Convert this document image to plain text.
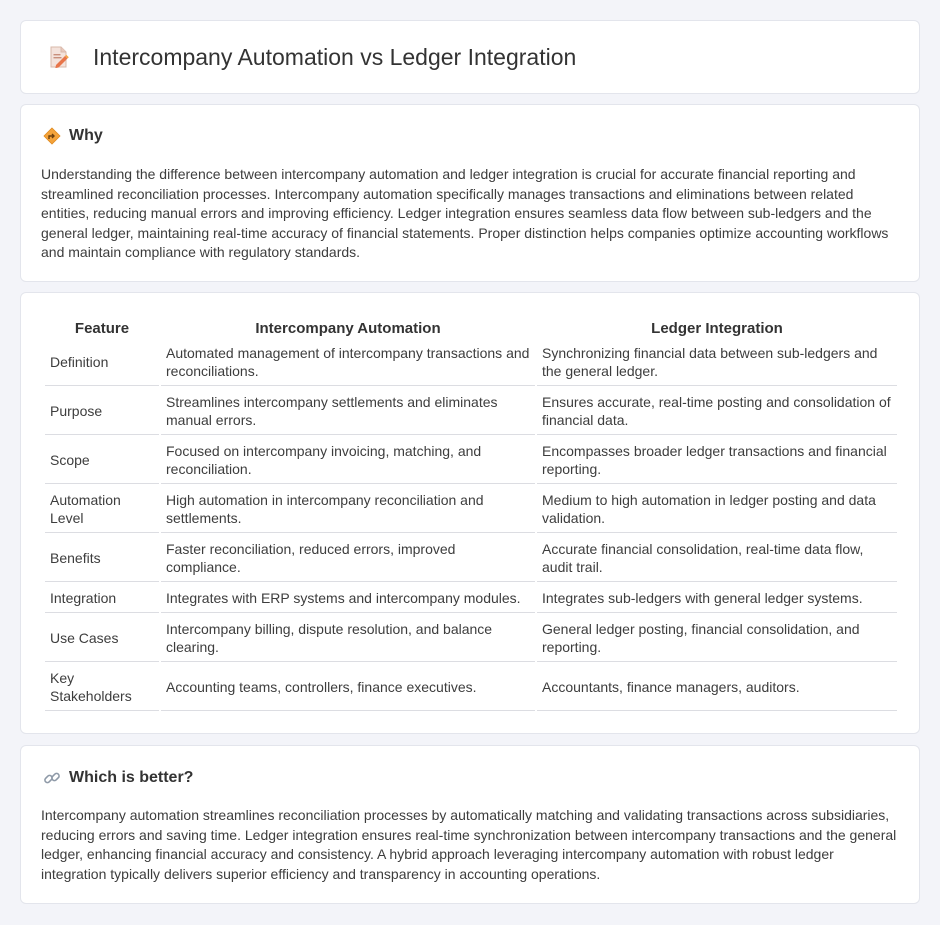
Intercompany Automation vs Ledger Integration
Why

Understanding the difference between intercompany automation and ledger integration is crucial for accurate financial reporting and streamlined reconciliation processes. Intercompany automation specifically manages transactions and eliminations between related entities, reducing manual errors and improving efficiency. Ledger integration ensures seamless data flow between sub-ledgers and the general ledger, maintaining real-time accuracy of financial statements. Proper distinction helps companies optimize accounting workflows and maintain compliance with regulatory standards.

Feature	Intercompany Automation	Ledger Integration
Definition	Automated management of intercompany transactions and reconciliations.	Synchronizing financial data between sub-ledgers and the general ledger.
Purpose	Streamlines intercompany settlements and eliminates manual errors.	Ensures accurate, real-time posting and consolidation of financial data.
Scope	Focused on intercompany invoicing, matching, and reconciliation.	Encompasses broader ledger transactions and financial reporting.
Automation Level	High automation in intercompany reconciliation and settlements.	Medium to high automation in ledger posting and data validation.
Benefits	Faster reconciliation, reduced errors, improved compliance.	Accurate financial consolidation, real-time data flow, audit trail.
Integration	Integrates with ERP systems and intercompany modules.	Integrates sub-ledgers with general ledger systems.
Use Cases	Intercompany billing, dispute resolution, and balance clearing.	General ledger posting, financial consolidation, and reporting.
Key Stakeholders	Accounting teams, controllers, finance executives.	Accountants, finance managers, auditors.
Which is better?

Intercompany automation streamlines reconciliation processes by automatically matching and validating transactions across subsidiaries, reducing errors and saving time. Ledger integration ensures real-time synchronization between intercompany transactions and the general ledger, enhancing financial accuracy and consistency. A hybrid approach leveraging intercompany automation with robust ledger integration typically delivers superior efficiency and transparency in accounting operations.
